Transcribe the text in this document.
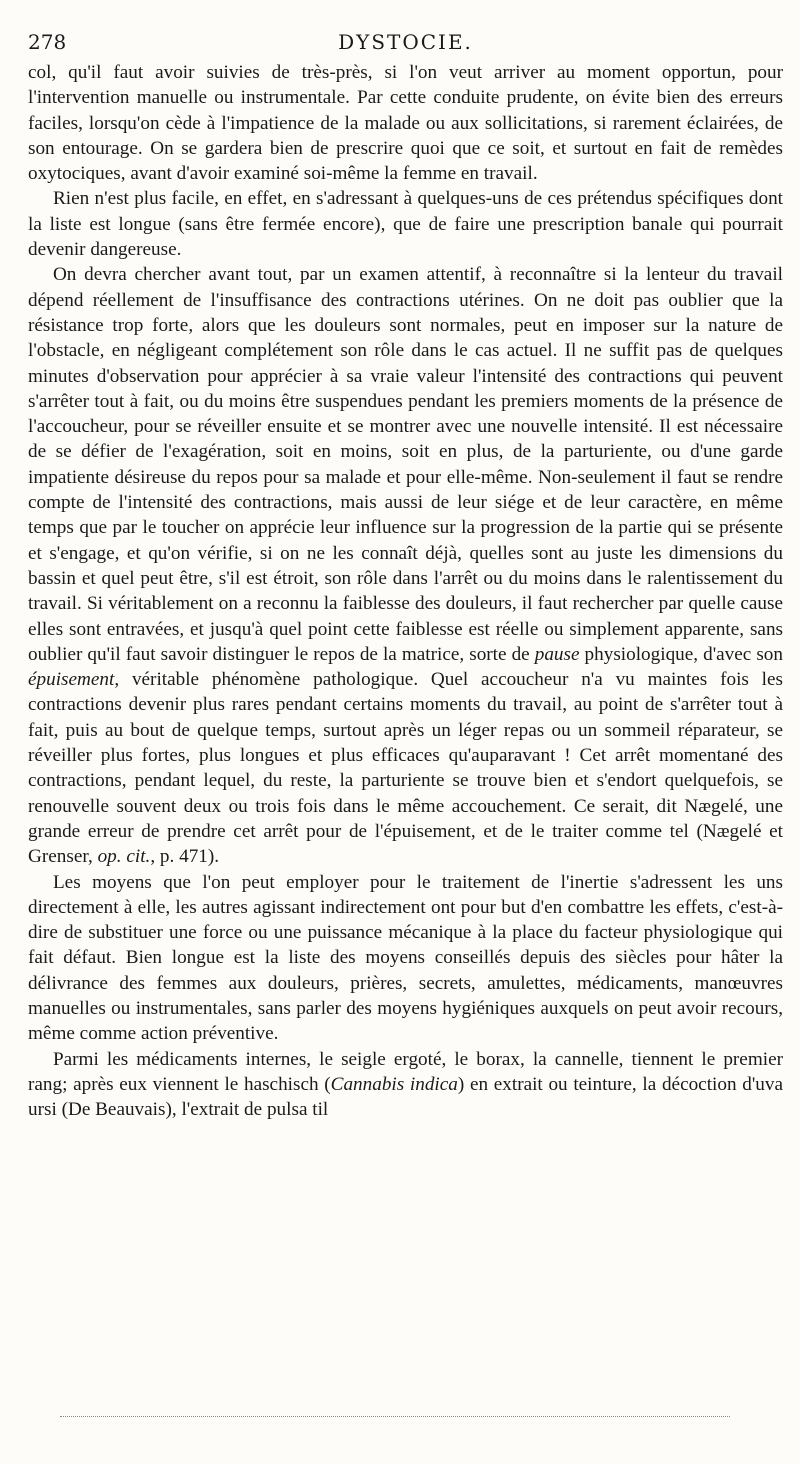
278	DYSTOCIE.

col, qu'il faut avoir suivies de très-près, si l'on veut arriver au moment opportun, pour l'intervention manuelle ou instrumentale. Par cette conduite prudente, on évite bien des erreurs faciles, lorsqu'on cède à l'impatience de la malade ou aux sollicitations, si rarement éclairées, de son entourage. On se gardera bien de prescrire quoi que ce soit, et surtout en fait de remèdes oxytociques, avant d'avoir examiné soi-même la femme en travail.

Rien n'est plus facile, en effet, en s'adressant à quelques-uns de ces prétendus spécifiques dont la liste est longue (sans être fermée encore), que de faire une prescription banale qui pourrait devenir dangereuse.

On devra chercher avant tout, par un examen attentif, à reconnaître si la lenteur du travail dépend réellement de l'insuffisance des contractions utérines. On ne doit pas oublier que la résistance trop forte, alors que les douleurs sont normales, peut en imposer sur la nature de l'obstacle, en négligeant complétement son rôle dans le cas actuel. Il ne suffit pas de quelques minutes d'observation pour apprécier à sa vraie valeur l'intensité des contractions qui peuvent s'arrêter tout à fait, ou du moins être suspendues pendant les premiers moments de la présence de l'accoucheur, pour se réveiller ensuite et se montrer avec une nouvelle intensité. Il est nécessaire de se défier de l'exagération, soit en moins, soit en plus, de la parturiente, ou d'une garde impatiente désireuse du repos pour sa malade et pour elle-même. Non-seulement il faut se rendre compte de l'intensité des contractions, mais aussi de leur siége et de leur caractère, en même temps que par le toucher on apprécie leur influence sur la progression de la partie qui se présente et s'engage, et qu'on vérifie, si on ne les connaît déjà, quelles sont au juste les dimensions du bassin et quel peut être, s'il est étroit, son rôle dans l'arrêt ou du moins dans le ralentissement du travail. Si véritablement on a reconnu la faiblesse des douleurs, il faut rechercher par quelle cause elles sont entravées, et jusqu'à quel point cette faiblesse est réelle ou simplement apparente, sans oublier qu'il faut savoir distinguer le repos de la matrice, sorte de pause physiologique, d'avec son épuisement, véritable phénomène pathologique. Quel accoucheur n'a vu maintes fois les contractions devenir plus rares pendant certains moments du travail, au point de s'arrêter tout à fait, puis au bout de quelque temps, surtout après un léger repas ou un sommeil réparateur, se réveiller plus fortes, plus longues et plus efficaces qu'auparavant ! Cet arrêt momentané des contractions, pendant lequel, du reste, la parturiente se trouve bien et s'endort quelquefois, se renouvelle souvent deux ou trois fois dans le même accouchement. Ce serait, dit Nægelé, une grande erreur de prendre cet arrêt pour de l'épuisement, et de le traiter comme tel (Nægelé et Grenser, op. cit., p. 471).

Les moyens que l'on peut employer pour le traitement de l'inertie s'adressent les uns directement à elle, les autres agissant indirectement ont pour but d'en combattre les effets, c'est-à-dire de substituer une force ou une puissance mécanique à la place du facteur physiologique qui fait défaut. Bien longue est la liste des moyens conseillés depuis des siècles pour hâter la délivrance des femmes aux douleurs, prières, secrets, amulettes, médicaments, manœuvres manuelles ou instrumentales, sans parler des moyens hygiéniques auxquels on peut avoir recours, même comme action préventive.

Parmi les médicaments internes, le seigle ergoté, le borax, la cannelle, tiennent le premier rang; après eux viennent le haschisch (Cannabis indica) en extrait ou teinture, la décoction d'uva ursi (De Beauvais), l'extrait de pulsa til
